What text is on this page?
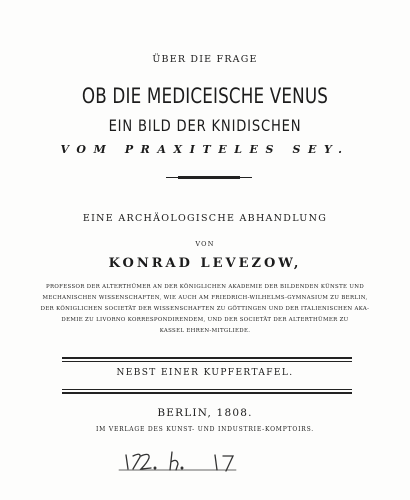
ÜBER DIE FRAGE
OB DIE MEDICEISCHE VENUS
EIN BILD DER KNIDISCHEN
VOM PRAXITELES SEY.
EINE ARCHÄOLOGISCHE ABHANDLUNG
VON
KONRAD LEVEZOW,
PROFESSOR DER ALTERTHÜMER AN DER KÖNIGLICHEN AKADEMIE DER BILDENDEN KÜNSTE UND
MECHANISCHEN WISSENSCHAFTEN, WIE AUCH AM FRIEDRICH-WILHELMS-GYMNASIUM ZU BERLIN,
DER KÖNIGLICHEN SOCIETÄT DER WISSENSCHAFTEN ZU GÖTTINGEN UND DER ITALIENISCHEN AKA-
DEMIE ZU LIVORNO KORRESPONDIRENDEM, UND DER SOCIETÄT DER ALTERTHÜMER ZU
KASSEL EHREN-MITGLIEDE.
NEBST EINER KUPFERTAFEL.
BERLIN, 1808.
IM VERLAGE DES KUNST- UND INDUSTRIE-KOMPTOIRS.
